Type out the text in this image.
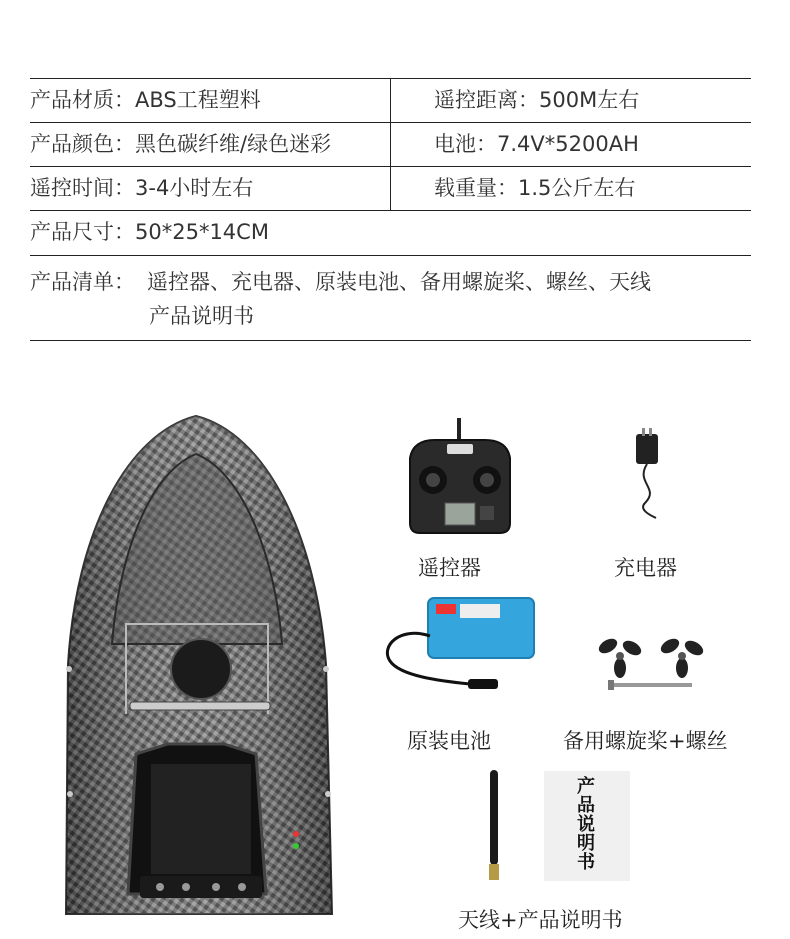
产品材质：ABS工程塑料	遥控距离：500M左右
产品颜色：黑色碳纤维/绿色迷彩	电池：7.4V*5200AH
遥控时间：3-4小时左右	载重量：1.5公斤左右
产品尺寸：50*25*14CM
产品清单： 遥控器、充电器、原装电池、备用螺旋桨、螺丝、天线
产品说明书
遥控器	充电器
原装电池	备用螺旋桨+螺丝
产品说明书
天线+产品说明书
